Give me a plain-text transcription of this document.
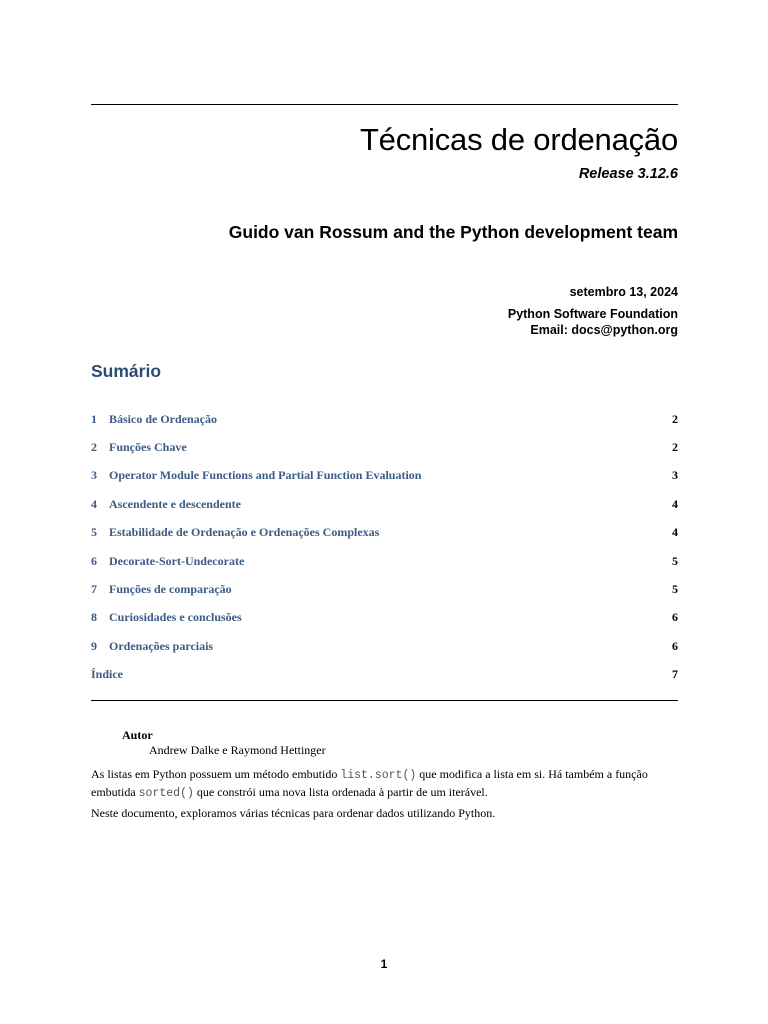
Técnicas de ordenação
Release 3.12.6
Guido van Rossum and the Python development team
setembro 13, 2024
Python Software Foundation
Email: docs@python.org
Sumário
1 Básico de Ordenação	2
2 Funções Chave	2
3 Operator Module Functions and Partial Function Evaluation	3
4 Ascendente e descendente	4
5 Estabilidade de Ordenação e Ordenações Complexas	4
6 Decorate-Sort-Undecorate	5
7 Funções de comparação	5
8 Curiosidades e conclusões	6
9 Ordenações parciais	6
Índice	7
Autor
Andrew Dalke e Raymond Hettinger
As listas em Python possuem um método embutido list.sort() que modifica a lista em si. Há também a função embutida sorted() que constrói uma nova lista ordenada à partir de um iterável.
Neste documento, exploramos várias técnicas para ordenar dados utilizando Python.
1
